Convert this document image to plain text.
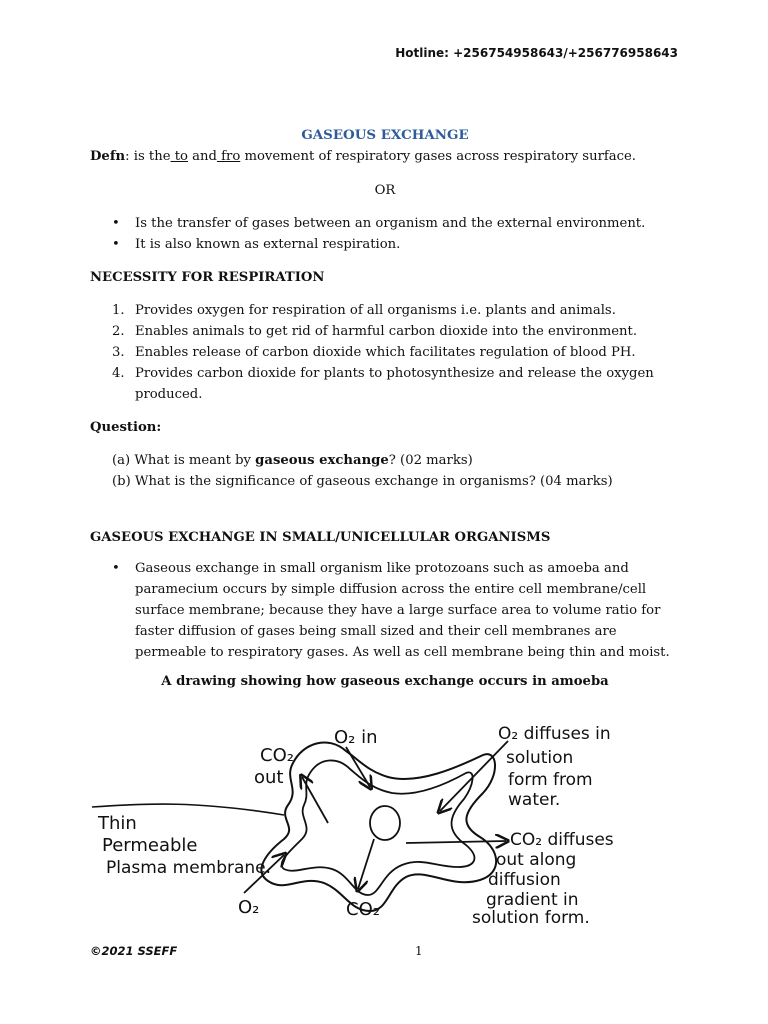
Hotline: +256754958643/+256776958643
GASEOUS EXCHANGE

Defn: is the to and fro movement of respiratory gases across respiratory surface.

OR
• Is the transfer of gases between an organism and the external environment.
• It is also known as external respiration.
NECESSITY FOR RESPIRATION
1. Provides oxygen for respiration of all organisms i.e. plants and animals.
2. Enables animals to get rid of harmful carbon dioxide into the environment.
3. Enables release of carbon dioxide which facilitates regulation of blood PH.
4. Provides carbon dioxide for plants to photosynthesize and release the oxygen produced.
Question:
(a) What is meant by gaseous exchange? (02 marks)
(b) What is the significance of gaseous exchange in organisms? (04 marks)
GASEOUS EXCHANGE IN SMALL/UNICELLULAR ORGANISMS
• Gaseous exchange in small organism like protozoans such as amoeba and paramecium occurs by simple diffusion across the entire cell membrane/cell surface membrane; because they have a large surface area to volume ratio for faster diffusion of gases being small sized and their cell membranes are permeable to respiratory gases. As well as cell membrane being thin and moist.
A drawing showing how gaseous exchange occurs in amoeba
CO₂
out
O₂ in	O₂ diffuses in
solution
form from
water.
Thin
Permeable
Plasma membrane.
CO₂ diffuses
out along
diffusion
gradient in
solution form.
O₂	CO₂
©2021 SSEFF	1
